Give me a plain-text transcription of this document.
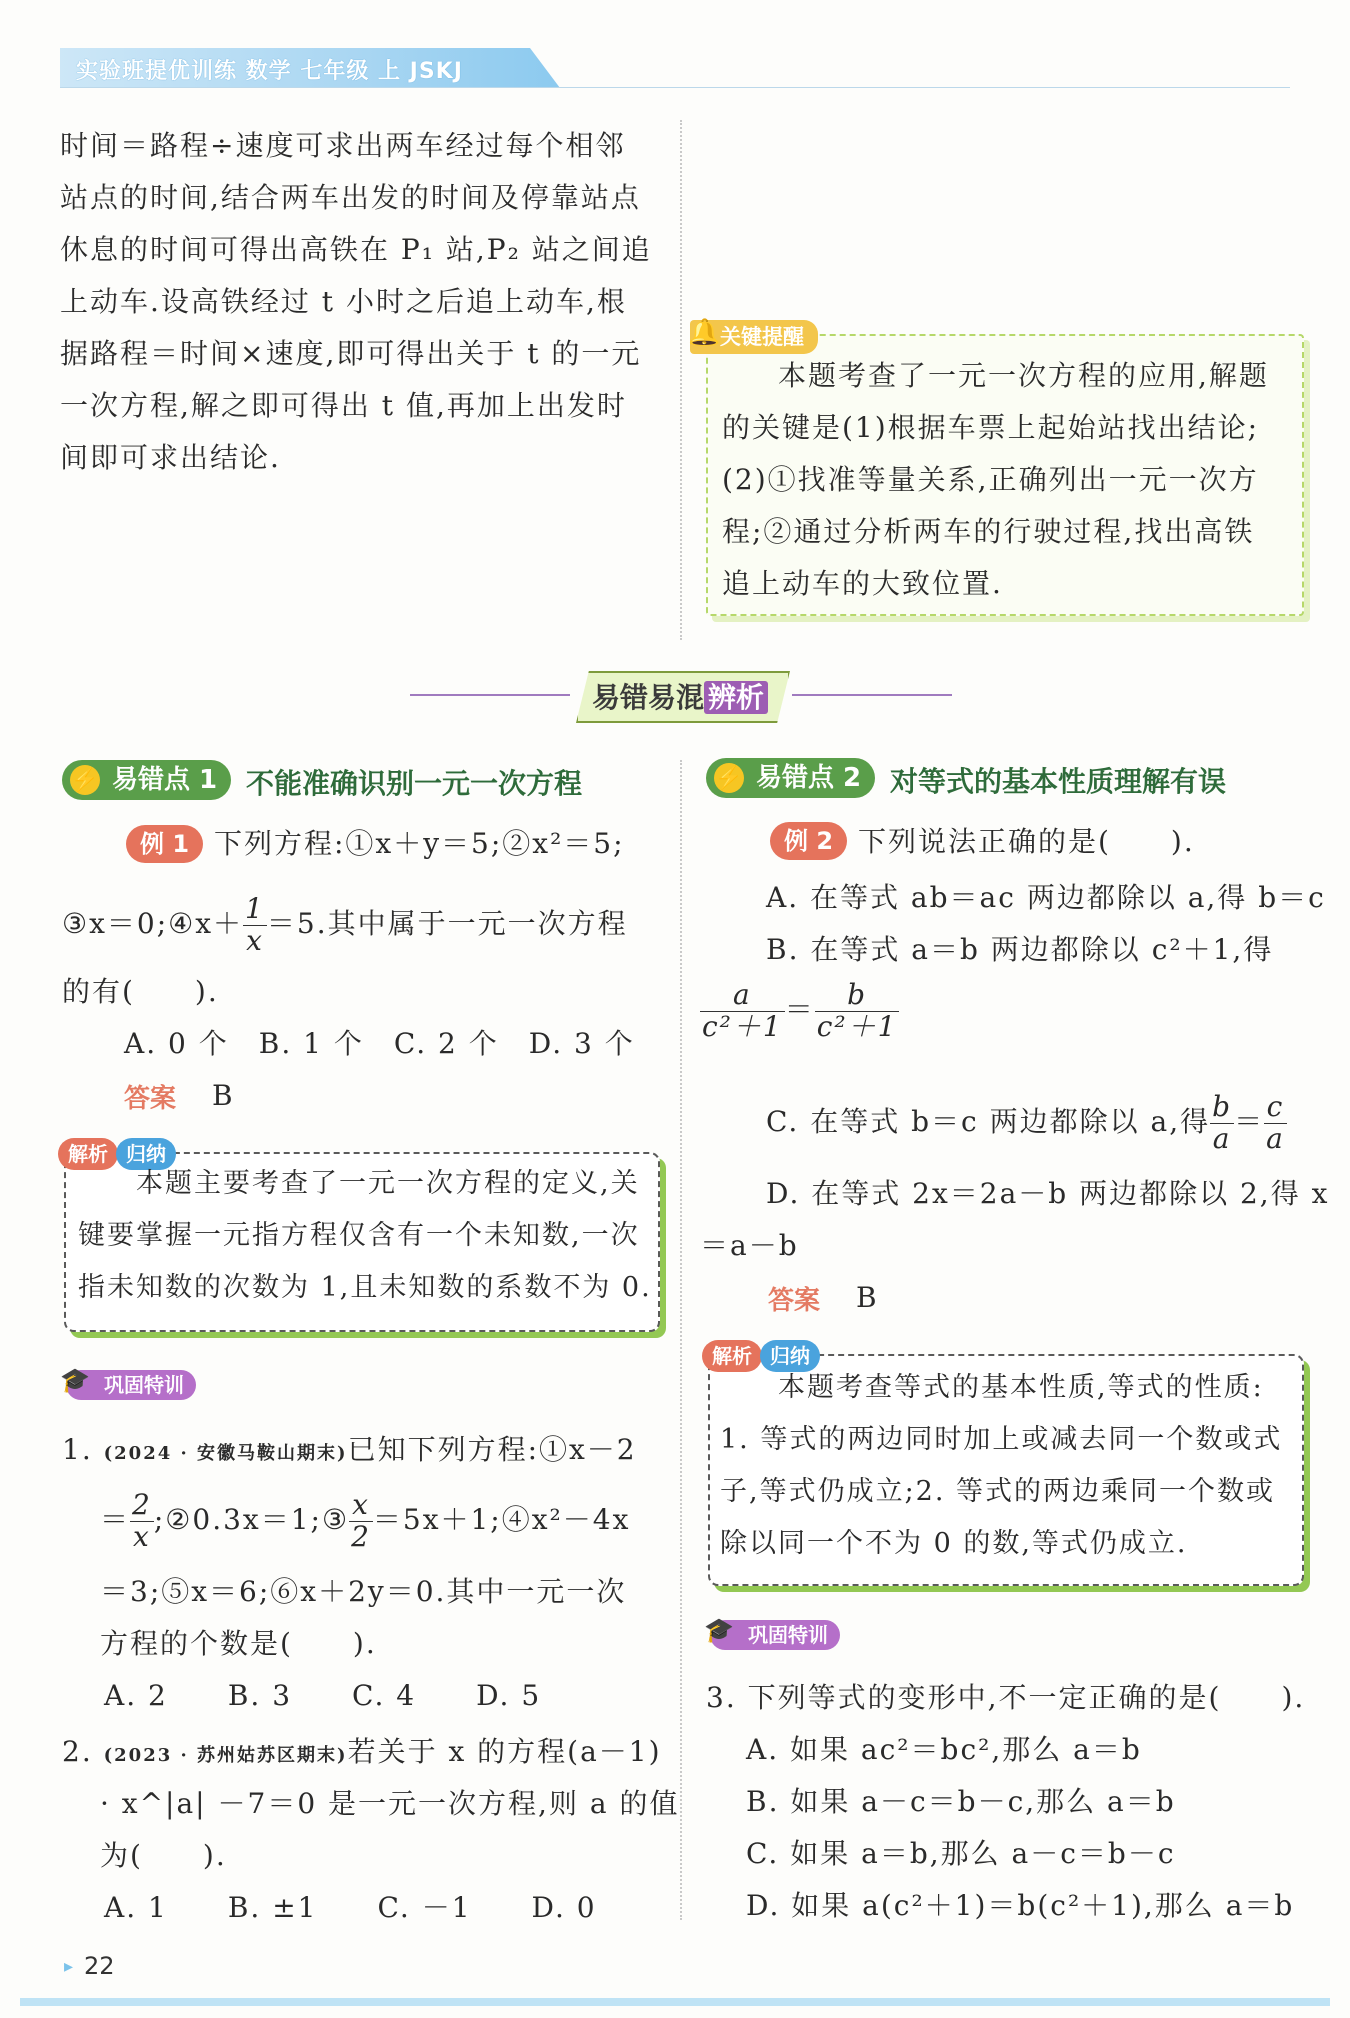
实验班提优训练 数学 七年级 上 JSKJ
时间＝路程÷速度可求出两车经过每个相邻
站点的时间,结合两车出发的时间及停靠站点
休息的时间可得出高铁在 P₁ 站,P₂ 站之间追
上动车.设高铁经过 t 小时之后追上动车,根
据路程＝时间×速度,即可得出关于 t 的一元
一次方程,解之即可得出 t 值,再加上出发时
间即可求出结论.
关键提醒
🔔
本题考查了一元一次方程的应用,解题
的关键是(1)根据车票上起始站找出结论;
(2)①找准等量关系,正确列出一元一次方
程;②通过分析两车的行驶过程,找出高铁
追上动车的大致位置.
易错易混 辨析
易错点 1
⚡	不能准确识别一元一次方程
例 1 下列方程:①x＋y＝5;②x²＝5;
③x＝0;④x＋ $\frac{1}{x} =5$.其中属于一元一次方程
的有(　　).
A. 0 个　B. 1 个　C. 2 个　D. 3 个
答案 B
解析 归纳
本题主要考查了一元一次方程的定义,关
键要掌握一元指方程仅含有一个未知数,一次
指未知数的次数为 1,且未知数的系数不为 0.
巩固特训
🎓
1. (2024 · 安徽马鞍山期末)已知下列方程:①x－2
＝ $\frac{2}{x}$ ;②0.3x＝1;③ $\frac{x}{2}$ ＝5x＋1;④x²－4x
＝3;⑤x＝6;⑥x＋2y＝0.其中一元一次
方程的个数是(　　).
A. 2　　B. 3　　C. 4　　D. 5
2. (2023 · 苏州姑苏区期末)若关于 x 的方程(a－1)
· x^|a| －7＝0 是一元一次方程,则 a 的值
为(　　).
A. 1　　B. ±1　　C. －1　　D. 0
易错点 2
⚡	对等式的基本性质理解有误
例 2 下列说法正确的是(　　).
A. 在等式 ab＝ac 两边都除以 a,得 b＝c
B. 在等式 a＝b 两边都除以 c²＋1,得
$\frac{a}{\text{c²＋1}} = \frac{b}{\text{c²＋1}}$
C. 在等式 b＝c 两边都除以 a,得 $\frac{b}{a} = \frac{c}{a}$
D. 在等式 2x＝2a－b 两边都除以 2,得 x
＝a－b
答案 B
解析 归纳
本题考查等式的基本性质,等式的性质:
1. 等式的两边同时加上或减去同一个数或式
子,等式仍成立;2. 等式的两边乘同一个数或
除以同一个不为 0 的数,等式仍成立.
巩固特训
🎓
3. 下列等式的变形中,不一定正确的是(　　).
A. 如果 ac²＝bc²,那么 a＝b
B. 如果 a－c＝b－c,那么 a＝b
C. 如果 a＝b,那么 a－c＝b－c
D. 如果 a(c²＋1)＝b(c²＋1),那么 a＝b
▸ 22
